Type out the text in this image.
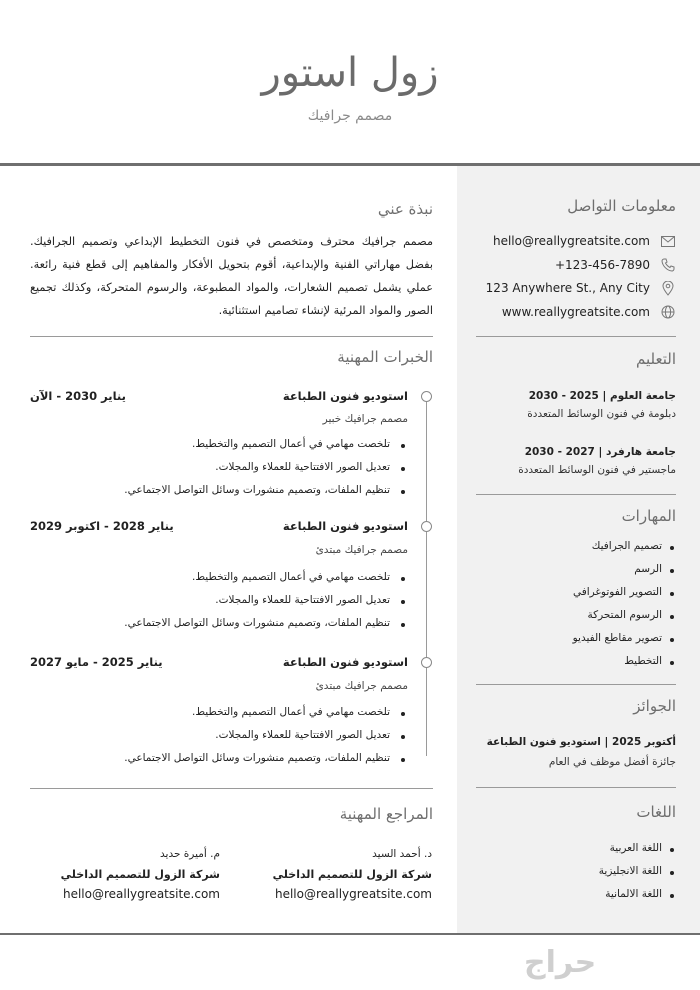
زول استور
مصمم جرافيك
معلومات التواصل
hello@reallygreatsite.com
+123-456-7890
123 Anywhere St., Any City
www.reallygreatsite.com
التعليم
جامعة العلوم | 2025 - 2030
دبلومة في فنون الوسائط المتعددة
جامعة هارفرد | 2027 - 2030
ماجستير في فنون الوسائط المتعددة
المهارات
تصميم الجرافيك
الرسم
التصوير الفوتوغرافي
الرسوم المتحركة
تصوير مقاطع الفيديو
التخطيط
الجوائز
أكتوبر 2025 | استوديو فنون الطباعة
جائزة أفضل موظف في العام
اللغات
اللغة العربية
اللغة الانجليزية
اللغة الالمانية
نبذة عني
مصمم جرافيك محترف ومتخصص في فنون التخطيط الإبداعي وتصميم الجرافيك. بفضل مهاراتي الفنية والإبداعية، أقوم بتحويل الأفكار والمفاهيم إلى قطع فنية رائعة. عملي يشمل تصميم الشعارات، والمواد المطبوعة، والرسوم المتحركة، وكذلك تجميع الصور والمواد المرئية لإنشاء تصاميم استثنائية.
الخبرات المهنية
استوديو فنون الطباعة
يناير 2030 - الآن
مصمم جرافيك خبير
تلخصت مهامي في أعمال التصميم والتخطيط.
تعديل الصور الافتتاحية للعملاء والمجلات.
تنظيم الملفات، وتصميم منشورات وسائل التواصل الاجتماعي.
استوديو فنون الطباعة
يناير 2028 - اكتوبر 2029
مصمم جرافيك مبتدئ
تلخصت مهامي في أعمال التصميم والتخطيط.
تعديل الصور الافتتاحية للعملاء والمجلات.
تنظيم الملفات، وتصميم منشورات وسائل التواصل الاجتماعي.
استوديو فنون الطباعة
يناير 2025 - مايو 2027
مصمم جرافيك مبتدئ
تلخصت مهامي في أعمال التصميم والتخطيط.
تعديل الصور الافتتاحية للعملاء والمجلات.
تنظيم الملفات، وتصميم منشورات وسائل التواصل الاجتماعي.
المراجع المهنية
د. أحمد السيد
شركة الزول للتصميم الداخلي
hello@reallygreatsite.com
م. أميرة حديد
شركة الزول للتصميم الداخلي
hello@reallygreatsite.com
حراج
